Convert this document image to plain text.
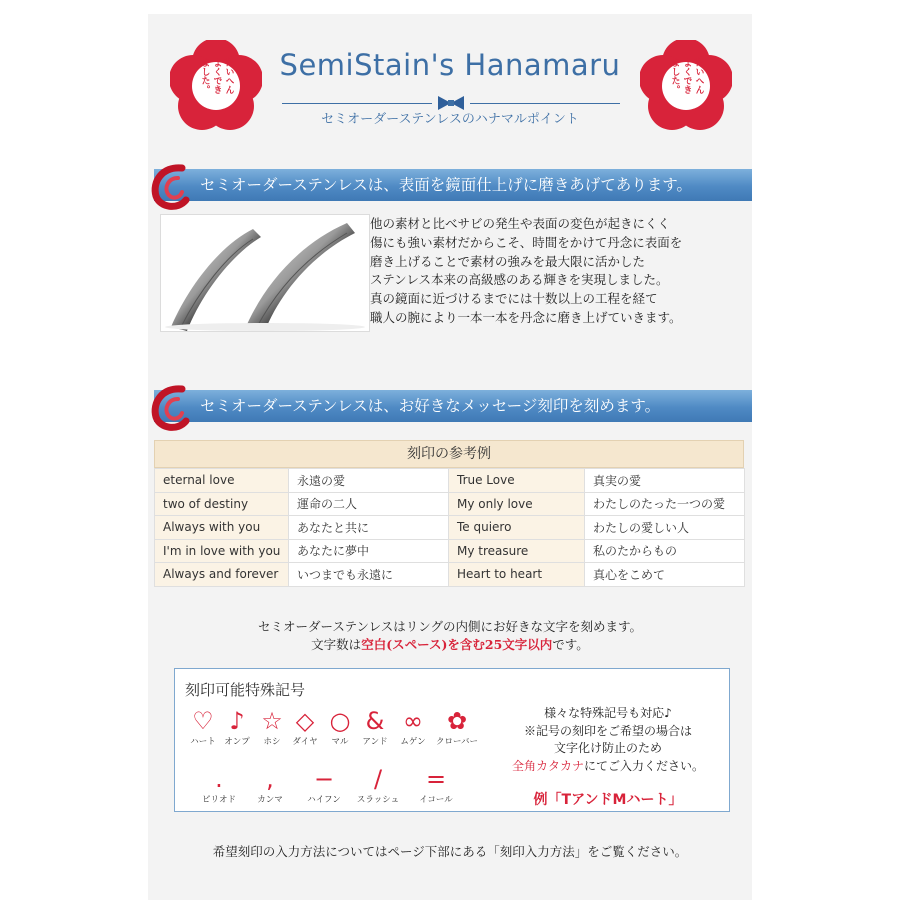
たいへん
よくでき
ました。 SemiStain's Hanamaru
セミオーダーステンレスのハナマルポイント
たいへん
よくでき
ました。
セミオーダーステンレスは、表面を鏡面仕上げに磨きあげてあります。
他の素材と比べサビの発生や表面の変色が起きにくく
傷にも強い素材だからこそ、時間をかけて丹念に表面を
磨き上げることで素材の強みを最大限に活かした
ステンレス本来の高級感のある輝きを実現しました。
真の鏡面に近づけるまでには十数以上の工程を経て
職人の腕により一本一本を丹念に磨き上げていきます。
セミオーダーステンレスは、お好きなメッセージ刻印を刻めます。
刻印の参考例
eternal love	永遠の愛	True Love	真実の愛
two of destiny	運命の二人	My only love	わたしのたった一つの愛
Always with you	あなたと共に	Te quiero	わたしの愛しい人
I'm in love with you	あなたに夢中	My treasure	私のたからもの
Always and forever	いつまでも永遠に	Heart to heart	真心をこめて
セミオーダーステンレスはリングの内側にお好きな文字を刻めます。
文字数は空白(スペース)を含む25文字以内です。
刻印可能特殊記号
♡
ハート
♪
オンプ
☆
ホシ
◇
ダイヤ
○
マル
&
アンド
∞
ムゲン
✿
クローバー
.
ピリオド
,
カンマ
−
ハイフン
/
スラッシュ
=
イコール
様々な特殊記号も対応♪
※記号の刻印をご希望の場合は
文字化け防止のため
全角カタカナにてご入力ください。
例「TアンドMハート」
希望刻印の入力方法についてはページ下部にある「刻印入力方法」をご覧ください。
